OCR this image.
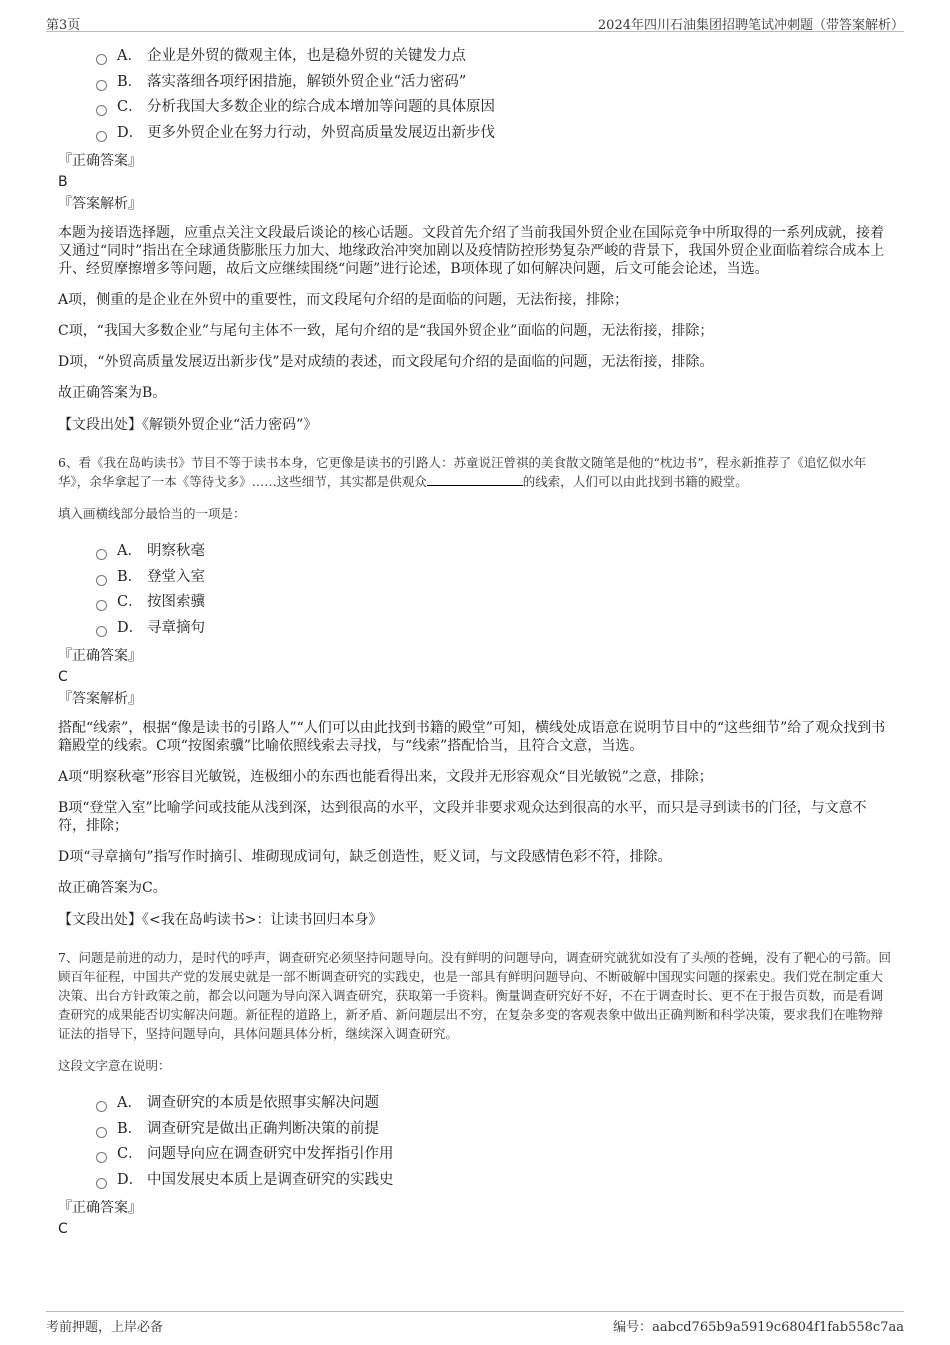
第3页	2024年四川石油集团招聘笔试冲刺题（带答案解析）
A． 企业是外贸的微观主体，也是稳外贸的关键发力点
B． 落实落细各项纾困措施，解锁外贸企业“活力密码”
C． 分析我国大多数企业的综合成本增加等问题的具体原因
D． 更多外贸企业在努力行动，外贸高质量发展迈出新步伐
『正确答案』
B
『答案解析』
本题为接语选择题，应重点关注文段最后谈论的核心话题。文段首先介绍了当前我国外贸企业在国际竞争中所取得的一系列成就，接着又通过“同时”指出在全球通货膨胀压力加大、地缘政治冲突加剧以及疫情防控形势复杂严峻的背景下，我国外贸企业面临着综合成本上升、经贸摩擦增多等问题，故后文应继续围绕“问题”进行论述，B项体现了如何解决问题，后文可能会论述，当选。
A项，侧重的是企业在外贸中的重要性，而文段尾句介绍的是面临的问题，无法衔接，排除；
C项，“我国大多数企业”与尾句主体不一致，尾句介绍的是“我国外贸企业”面临的问题，无法衔接，排除；
D项，“外贸高质量发展迈出新步伐”是对成绩的表述，而文段尾句介绍的是面临的问题，无法衔接，排除。
故正确答案为B。
【文段出处】《解锁外贸企业“活力密码”》
6、看《我在岛屿读书》节目不等于读书本身，它更像是读书的引路人：苏童说汪曾祺的美食散文随笔是他的“枕边书”，程永新推荐了《追忆似水年华》，余华拿起了一本《等待戈多》……这些细节，其实都是供观众	的线索，人们可以由此找到书籍的殿堂。
填入画横线部分最恰当的一项是：
A． 明察秋毫
B． 登堂入室
C． 按图索骥
D． 寻章摘句
『正确答案』
C
『答案解析』
搭配“线索”，根据“像是读书的引路人”“人们可以由此找到书籍的殿堂”可知，横线处成语意在说明节目中的“这些细节”给了观众找到书籍殿堂的线索。C项“按图索骥”比喻依照线索去寻找，与“线索”搭配恰当，且符合文意，当选。
A项“明察秋毫”形容目光敏锐，连极细小的东西也能看得出来，文段并无形容观众“目光敏锐”之意，排除；
B项“登堂入室”比喻学问或技能从浅到深，达到很高的水平，文段并非要求观众达到很高的水平，而只是寻到读书的门径，与文意不符，排除；
D项“寻章摘句”指写作时摘引、堆砌现成词句，缺乏创造性，贬义词，与文段感情色彩不符，排除。
故正确答案为C。
【文段出处】《<我在岛屿读书>：让读书回归本身》
7、问题是前进的动力，是时代的呼声，调查研究必须坚持问题导向。没有鲜明的问题导向，调查研究就犹如没有了头颅的苍蝇，没有了靶心的弓箭。回顾百年征程，中国共产党的发展史就是一部不断调查研究的实践史，也是一部具有鲜明问题导向、不断破解中国现实问题的探索史。我们党在制定重大决策、出台方针政策之前，都会以问题为导向深入调查研究，获取第一手资料。衡量调查研究好不好，不在于调查时长、更不在于报告页数，而是看调查研究的成果能否切实解决问题。新征程的道路上，新矛盾、新问题层出不穷，在复杂多变的客观表象中做出正确判断和科学决策，要求我们在唯物辩证法的指导下，坚持问题导向，具体问题具体分析，继续深入调查研究。
这段文字意在说明：
A． 调查研究的本质是依照事实解决问题
B． 调查研究是做出正确判断决策的前提
C． 问题导向应在调查研究中发挥指引作用
D． 中国发展史本质上是调查研究的实践史
『正确答案』
C
考前押题，上岸必备	编号：aabcd765b9a5919c6804f1fab558c7aa
